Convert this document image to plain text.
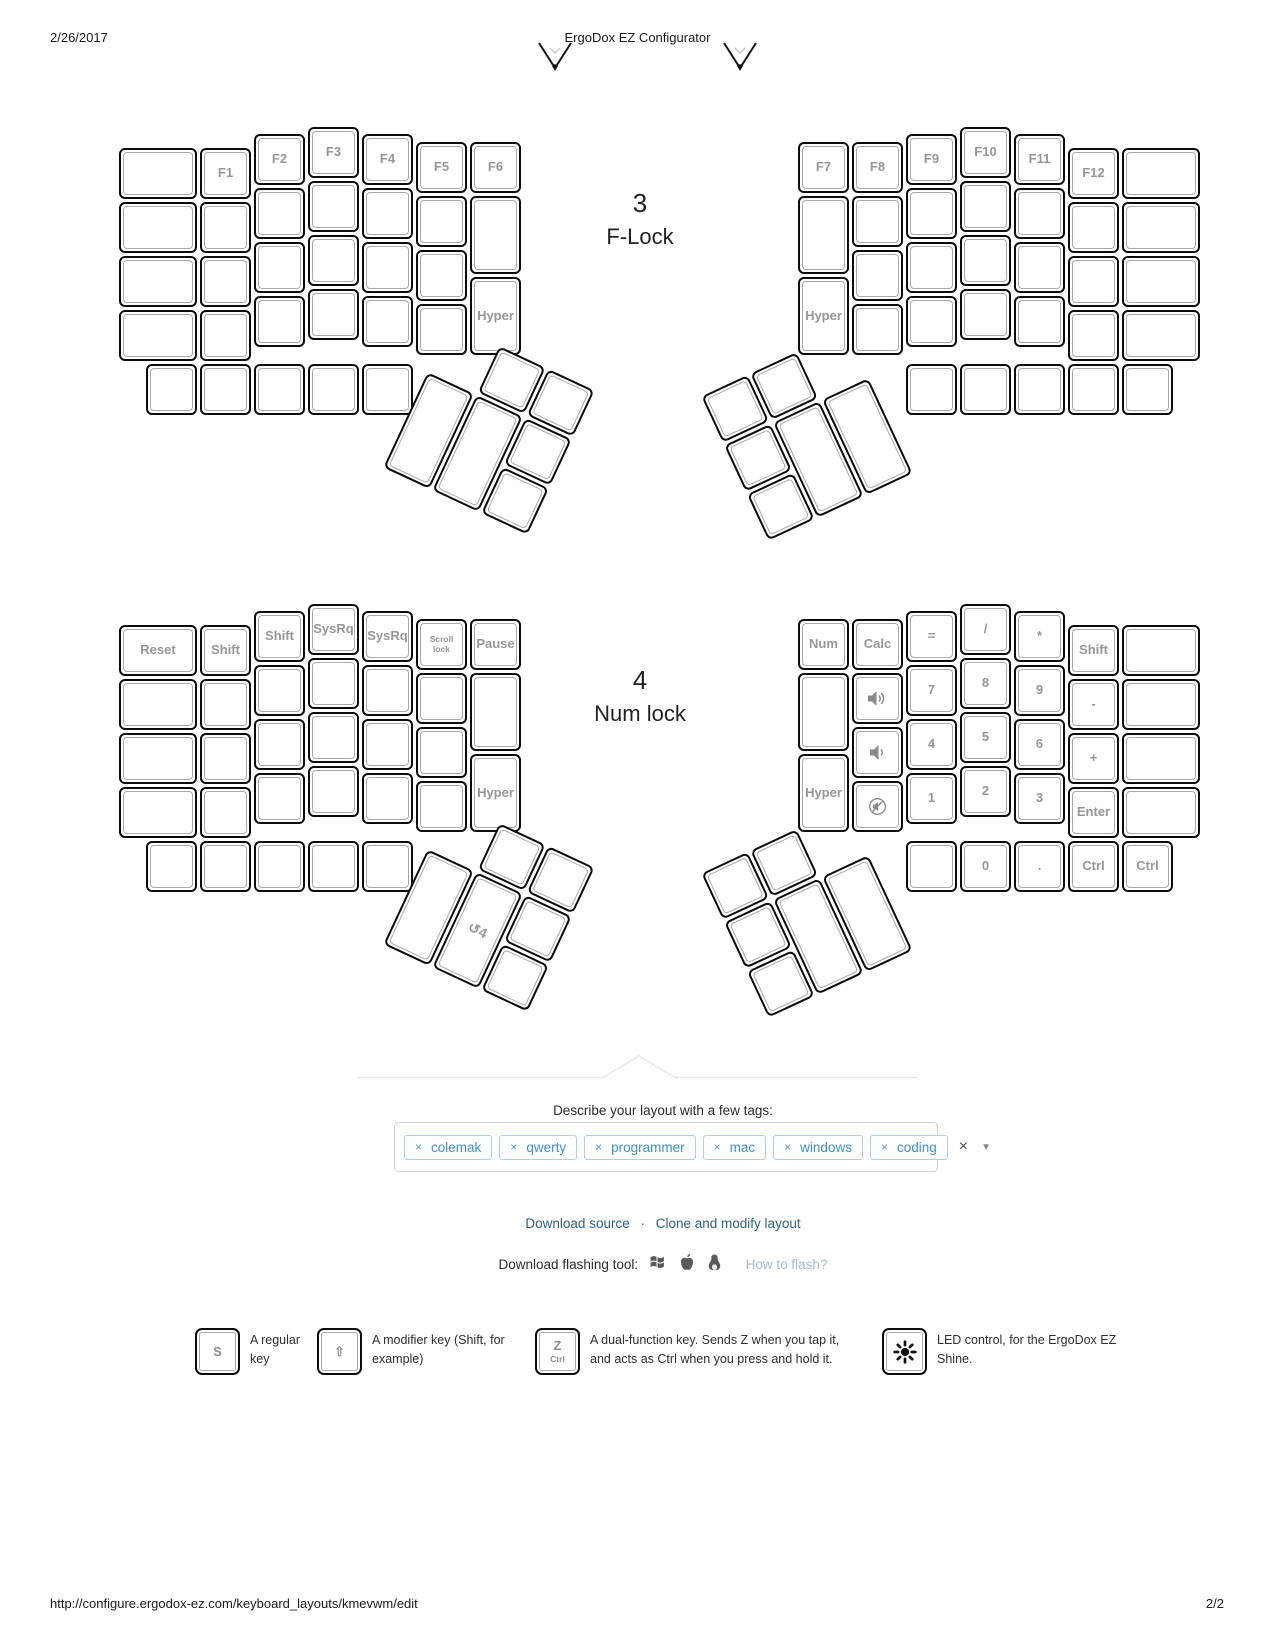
2/26/2017	ErgoDox EZ Configurator
F1
F2	F3	F4
F5	F6
Hyper
F7	F8
F9	F10	F11
F12
Hyper
3
F-Lock
Reset	Shift
Shift	SysRq SysRq	Scroll lock	Pause
Hyper
Num	Calc
=	/	*
Shift
7	8	9
-
4	5	6
+
Hyper	1	2	3
Enter
0	.	Ctrl	Ctrl
↺4
4
Num lock
Describe your layout with a few tags:
× colemak × qwerty × programmer × mac × windows × coding × ▼
Download source · Clone and modify layout
Download flashing tool:	How to flash?
S
A regular key
⇧
A modifier key (Shift, for example)
Z
Ctrl
A dual-function key. Sends Z when you tap it, and acts as Ctrl when you press and hold it.
LED control, for the ErgoDox EZ Shine.
http://configure.ergodox-ez.com/keyboard_layouts/kmevwm/edit	2/2
